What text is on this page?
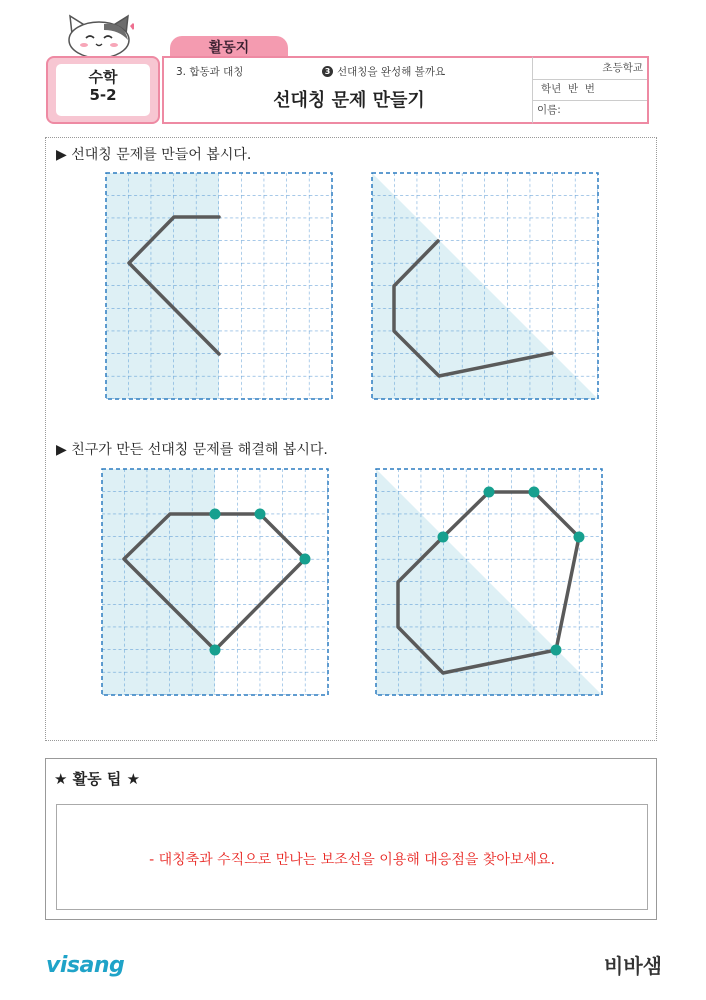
활동지
수학
5-2
3. 합동과 대칭	3 선대칭을 완성해 볼까요
선대칭 문제 만들기
초등학교
학년  반  번
이름:
▶ 선대칭 문제를 만들어 봅시다.
▶ 친구가 만든 선대칭 문제를 해결해 봅시다.
★ 활동 팁 ★
- 대칭축과 수직으로 만나는 보조선을 이용해 대응점을 찾아보세요.
visang	비바샘
